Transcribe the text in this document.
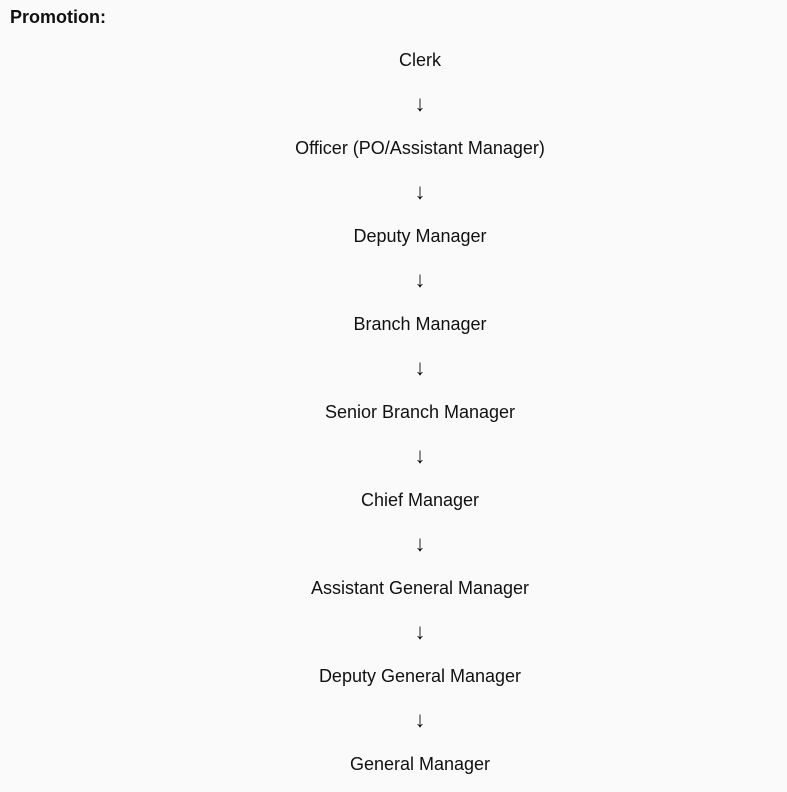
Promotion:
Clerk
↓
Officer (PO/Assistant Manager)
↓
Deputy Manager
↓
Branch Manager
↓
Senior Branch Manager
↓
Chief Manager
↓
Assistant General Manager
↓
Deputy General Manager
↓
General Manager
